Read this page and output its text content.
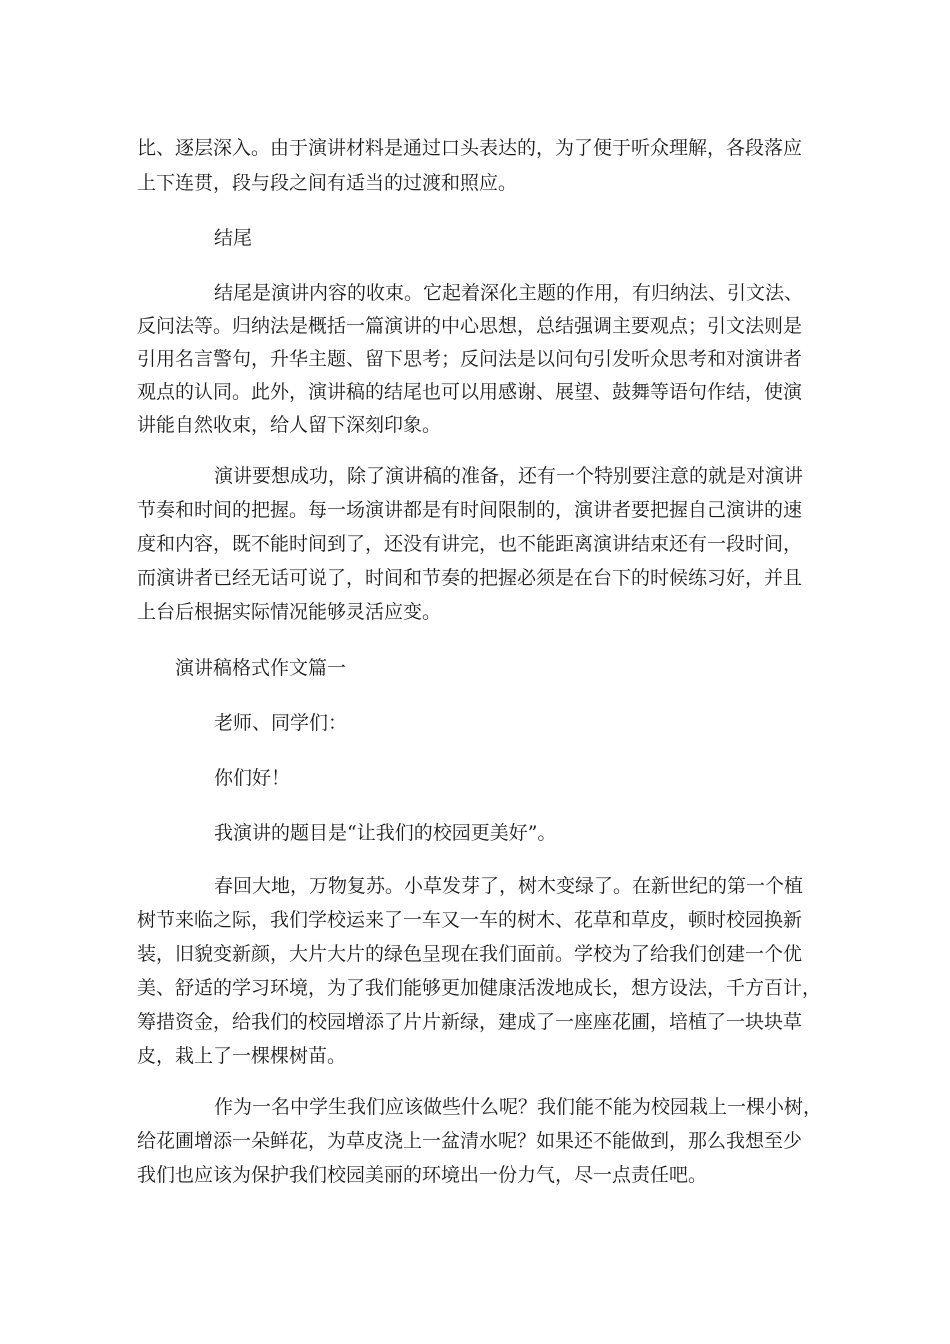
比、逐层深入。由于演讲材料是通过口头表达的，为了便于听众理解，各段落应
上下连贯，段与段之间有适当的过渡和照应。
结尾
结尾是演讲内容的收束。它起着深化主题的作用，有归纳法、引文法、
反问法等。归纳法是概括一篇演讲的中心思想，总结强调主要观点；引文法则是
引用名言警句，升华主题、留下思考；反问法是以问句引发听众思考和对演讲者
观点的认同。此外，演讲稿的结尾也可以用感谢、展望、鼓舞等语句作结，使演
讲能自然收束，给人留下深刻印象。
演讲要想成功，除了演讲稿的准备，还有一个特别要注意的就是对演讲
节奏和时间的把握。每一场演讲都是有时间限制的，演讲者要把握自己演讲的速
度和内容，既不能时间到了，还没有讲完，也不能距离演讲结束还有一段时间，
而演讲者已经无话可说了，时间和节奏的把握必须是在台下的时候练习好，并且
上台后根据实际情况能够灵活应变。
演讲稿格式作文篇一
老师、同学们：
你们好！
我演讲的题目是“让我们的校园更美好”。
春回大地，万物复苏。小草发芽了，树木变绿了。在新世纪的第一个植
树节来临之际，我们学校运来了一车又一车的树木、花草和草皮，顿时校园换新
装，旧貌变新颜，大片大片的绿色呈现在我们面前。学校为了给我们创建一个优
美、舒适的学习环境，为了我们能够更加健康活泼地成长，想方设法，千方百计，
筹措资金，给我们的校园增添了片片新绿，建成了一座座花圃，培植了一块块草
皮，栽上了一棵棵树苗。
作为一名中学生我们应该做些什么呢？我们能不能为校园栽上一棵小树，
给花圃增添一朵鲜花，为草皮浇上一盆清水呢？如果还不能做到，那么我想至少
我们也应该为保护我们校园美丽的环境出一份力气，尽一点责任吧。
